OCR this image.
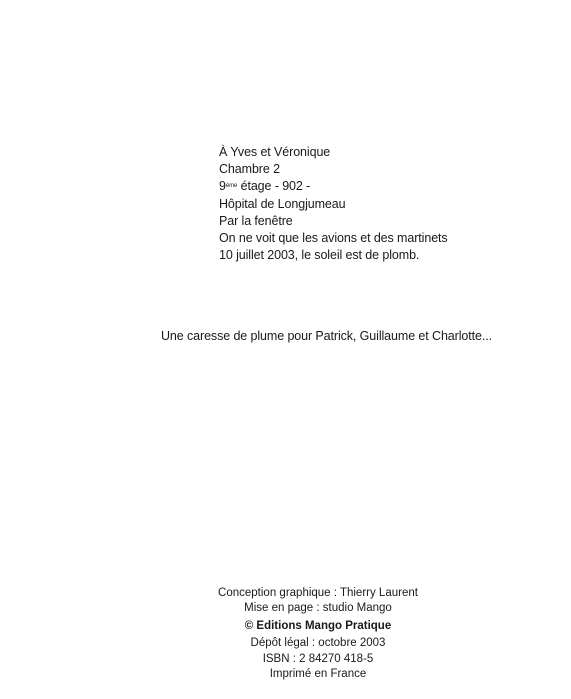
À Yves et Véronique
Chambre 2
9ème étage - 902 -
Hôpital de Longjumeau
Par la fenêtre
On ne voit que les avions et des martinets
10 juillet 2003, le soleil est de plomb.
Une caresse de plume pour Patrick, Guillaume et Charlotte...
Conception graphique : Thierry Laurent
Mise en page : studio Mango
© Editions Mango Pratique
Dépôt légal : octobre 2003
ISBN : 2 84270 418-5
Imprimé en France
